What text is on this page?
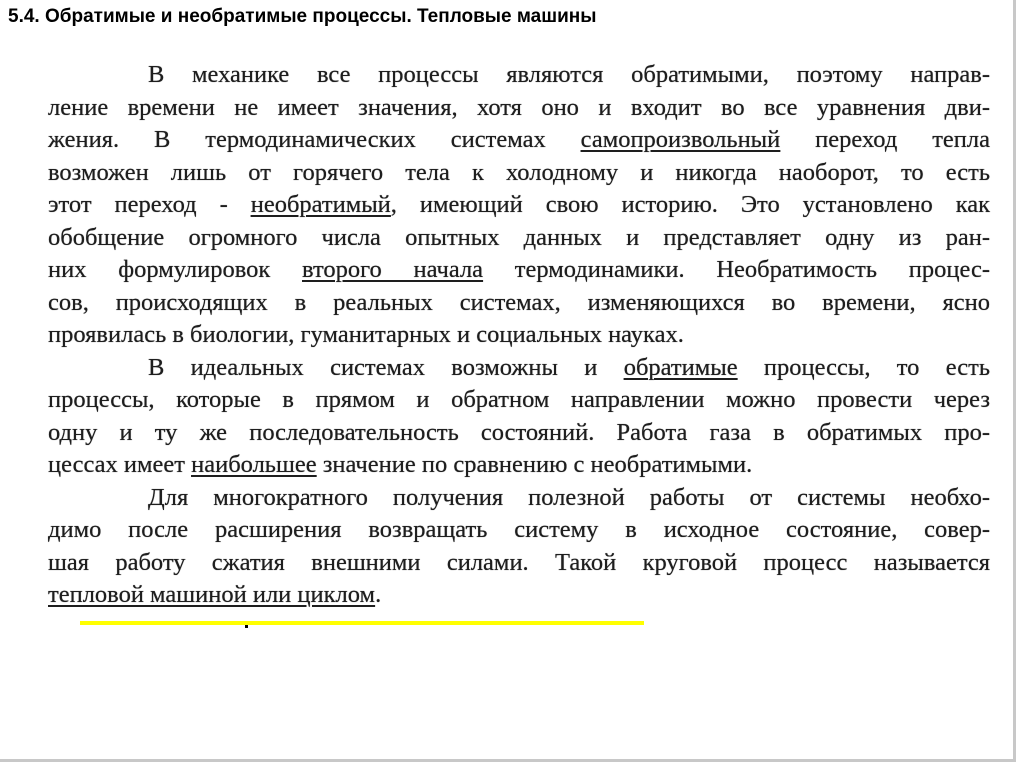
5.4. Обратимые и необратимые процессы. Тепловые машины
В механике все процессы являются обратимыми, поэтому направ-
ление времени не имеет значения, хотя оно и входит во все уравнения дви-
жения. В термодинамических системах самопроизвольный переход тепла
возможен лишь от горячего тела к холодному и никогда наоборот, то есть
этот переход - необратимый, имеющий свою историю. Это установлено как
обобщение огромного числа опытных данных и представляет одну из ран-
них формулировок второго начала термодинамики. Необратимость процес-
сов, происходящих в реальных системах, изменяющихся во времени, ясно
проявилась в биологии, гуманитарных и социальных науках.
В идеальных системах возможны и обратимые процессы, то есть
процессы, которые в прямом и обратном направлении можно провести через
одну и ту же последовательность состояний. Работа газа в обратимых про-
цессах имеет наибольшее значение по сравнению с необратимыми.
Для многократного получения полезной работы от системы необхо-
димо после расширения возвращать систему в исходное состояние, совер-
шая работу сжатия внешними силами. Такой круговой процесс называется
тепловой машиной или циклом.
